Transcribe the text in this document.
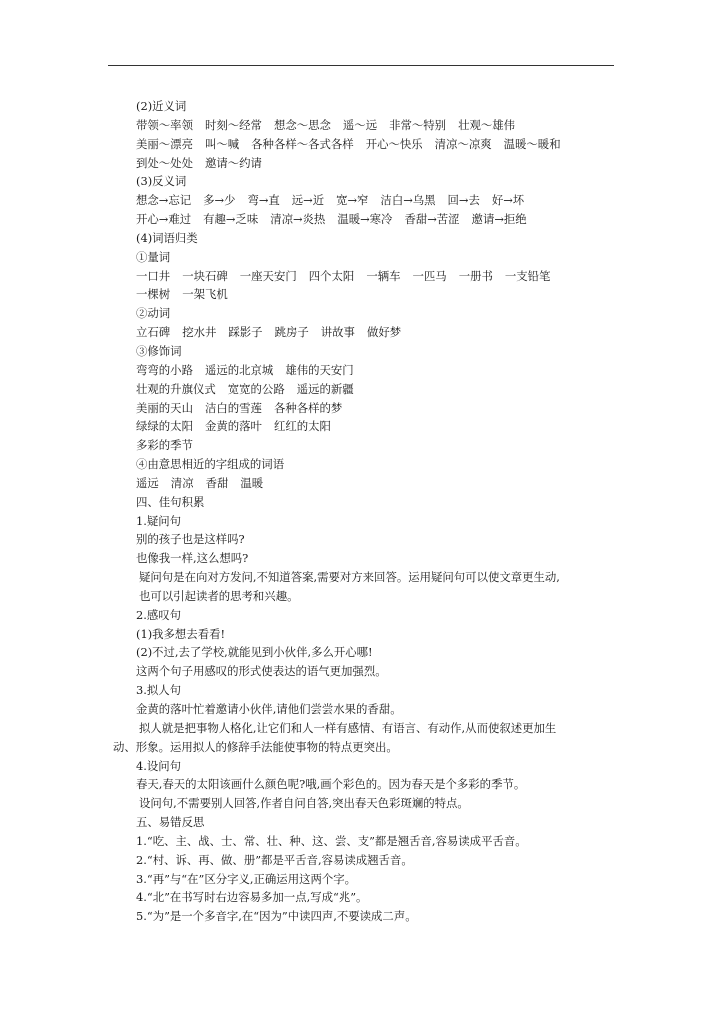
(2)近义词
带领～率领 时刻～经常 想念～思念 遥～远 非常～特别 壮观～雄伟
美丽～漂亮 叫～喊 各种各样～各式各样 开心～快乐 清凉～凉爽 温暖～暖和
到处～处处 邀请～约请
(3)反义词
想念→忘记 多→少 弯→直 远→近 宽→窄 洁白→乌黑 回→去 好→坏
开心→难过 有趣→乏味 清凉→炎热 温暖→寒冷 香甜→苦涩 邀请→拒绝
(4)词语归类
①量词
一口井 一块石碑 一座天安门 四个太阳 一辆车 一匹马 一册书 一支铅笔
一棵树 一架飞机
②动词
立石碑 挖水井 踩影子 跳房子 讲故事 做好梦
③修饰词
弯弯的小路 遥远的北京城 雄伟的天安门
壮观的升旗仪式 宽宽的公路 遥远的新疆
美丽的天山 洁白的雪莲 各种各样的梦
绿绿的太阳 金黄的落叶 红红的太阳
多彩的季节
④由意思相近的字组成的词语
遥远 清凉 香甜 温暖
四、佳句积累
1.疑问句
别的孩子也是这样吗?
也像我一样,这么想吗?
疑问句是在向对方发问,不知道答案,需要对方来回答。运用疑问句可以使文章更生动,
也可以引起读者的思考和兴趣。
2.感叹句
(1)我多想去看看!
(2)不过,去了学校,就能见到小伙伴,多么开心哪!
这两个句子用感叹的形式使表达的语气更加强烈。
3.拟人句
金黄的落叶忙着邀请小伙伴,请他们尝尝水果的香甜。
拟人就是把事物人格化,让它们和人一样有感情、有语言、有动作,从而使叙述更加生
动、形象。运用拟人的修辞手法能使事物的特点更突出。
4.设问句
春天,春天的太阳该画什么颜色呢?哦,画个彩色的。因为春天是个多彩的季节。
设问句,不需要别人回答,作者自问自答,突出春天色彩斑斓的特点。
五、易错反思
1.“吃、主、战、士、常、壮、种、这、尝、支”都是翘舌音,容易读成平舌音。
2.“村、诉、再、做、册”都是平舌音,容易读成翘舌音。
3.“再”与“在”区分字义,正确运用这两个字。
4.“北”在书写时右边容易多加一点,写成“兆”。
5.“为”是一个多音字,在“因为”中读四声,不要读成二声。
